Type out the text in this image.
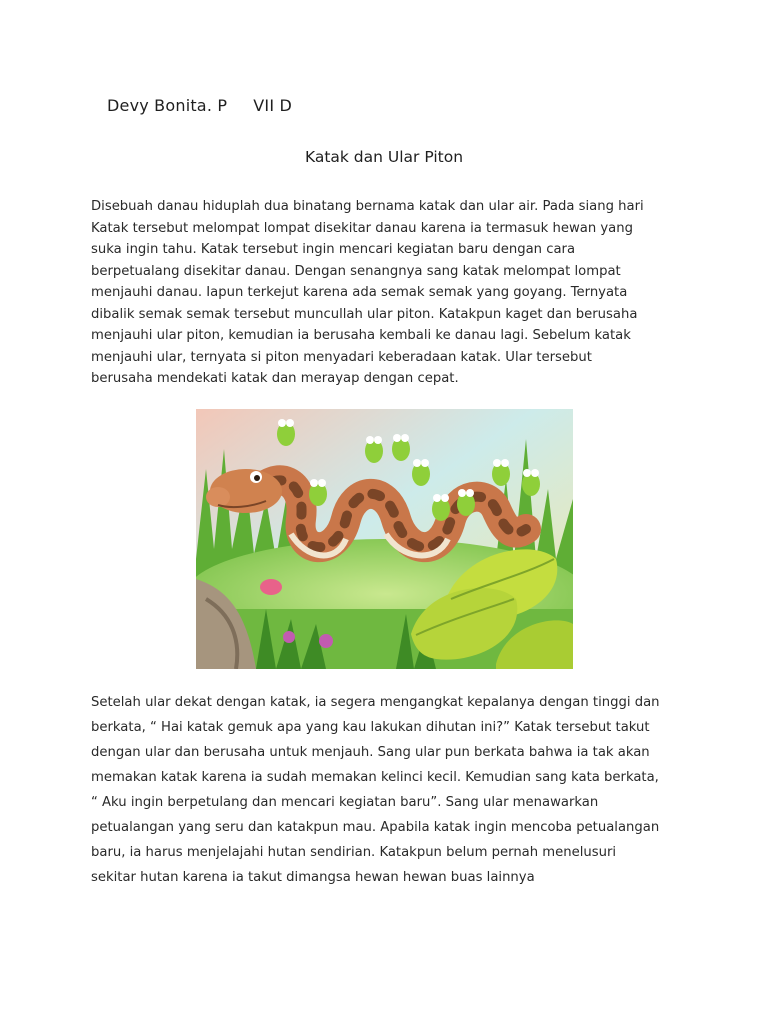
Devy Bonita. P VII D
Katak dan Ular Piton

Disebuah danau hiduplah dua binatang bernama katak dan ular air. Pada siang hari

Katak tersebut melompat lompat disekitar danau karena ia termasuk hewan yang

suka ingin tahu. Katak tersebut ingin mencari kegiatan baru dengan cara

berpetualang disekitar danau. Dengan senangnya sang katak melompat lompat

menjauhi danau. Iapun terkejut karena ada semak semak yang goyang. Ternyata

dibalik semak semak tersebut muncullah ular piton. Katakpun kaget dan berusaha

menjauhi ular piton, kemudian ia berusaha kembali ke danau lagi. Sebelum katak

menjauhi ular, ternyata si piton menyadari keberadaan katak. Ular tersebut

berusaha mendekati katak dan merayap dengan cepat.

Setelah ular dekat dengan katak, ia segera mengangkat kepalanya dengan tinggi dan

berkata, “ Hai katak gemuk apa yang kau lakukan dihutan ini?” Katak tersebut takut

dengan ular dan berusaha untuk menjauh. Sang ular pun berkata bahwa ia tak akan

memakan katak karena ia sudah memakan kelinci kecil. Kemudian sang kata berkata,

“ Aku ingin berpetulang dan mencari kegiatan baru”. Sang ular menawarkan

petualangan yang seru dan katakpun mau. Apabila katak ingin mencoba petualangan

baru, ia harus menjelajahi hutan sendirian. Katakpun belum pernah menelusuri

sekitar hutan karena ia takut dimangsa hewan hewan buas lainnya
